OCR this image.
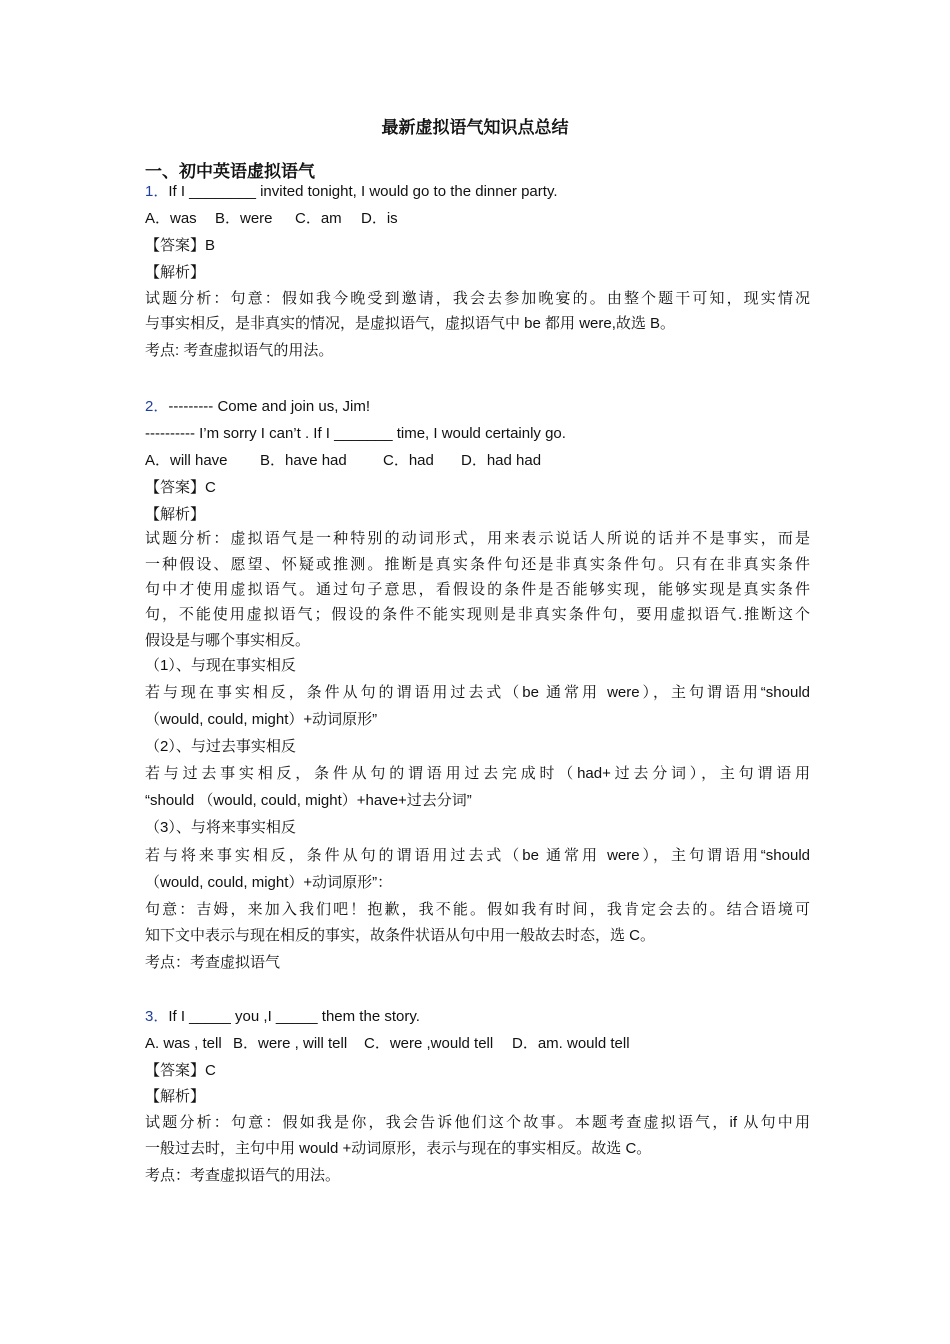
最新虚拟语气知识点总结
一、初中英语虚拟语气
1．If I ________ invited tonight, I would go to the dinner party.
A．was B．were C．am D．is
【答案】B
【解析】
试题分析：句意：假如我今晚受到邀请，我会去参加晚宴的。由整个题干可知，现实情况
与事实相反，是非真实的情况，是虚拟语气，虚拟语气中 be 都用 were,故选 B。
考点: 考查虚拟语气的用法。
2．--------- Come and join us, Jim!
---------- I’m sorry I can’t . If I _______ time, I would certainly go.
A．will have B．have had C．had D．had had
【答案】C
【解析】
试题分析：虚拟语气是一种特别的动词形式，用来表示说话人所说的话并不是事实，而是
一种假设、愿望、怀疑或推测。推断是真实条件句还是非真实条件句。只有在非真实条件
句中才使用虚拟语气。通过句子意思，看假设的条件是否能够实现，能够实现是真实条件
句，不能使用虚拟语气；假设的条件不能实现则是非真实条件句，要用虚拟语气.推断这个
假设是与哪个事实相反。
（1）、与现在事实相反
若与现在事实相反，条件从句的谓语用过去式（be 通常用 were），主句谓语用“should
（would, could, might）+动词原形”
（2）、与过去事实相反
若与过去事实相反，条件从句的谓语用过去完成时（had+过去分词），主句谓语用
“should （would, could, might）+have+过去分词”
（3）、与将来事实相反
若与将来事实相反，条件从句的谓语用过去式（be 通常用 were），主句谓语用“should
（would, could, might）+动词原形”：
句意：吉姆，来加入我们吧！抱歉，我不能。假如我有时间，我肯定会去的。结合语境可
知下文中表示与现在相反的事实，故条件状语从句中用一般故去时态，选 C。
考点：考查虚拟语气
3．If I _____ you ,I _____ them the story.
A. was , tell B．were , will tell C．were ,would tell D．am. would tell
【答案】C
【解析】
试题分析：句意：假如我是你，我会告诉他们这个故事。本题考查虚拟语气，if 从句中用
一般过去时，主句中用 would +动词原形，表示与现在的事实相反。故选 C。
考点：考查虚拟语气的用法。
